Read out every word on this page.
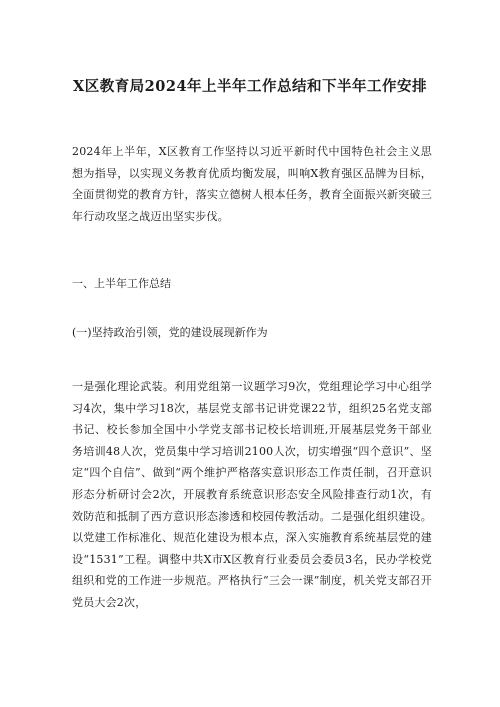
X区教育局2024年上半年工作总结和下半年工作安排
2024年上半年，X区教育工作坚持以习近平新时代中国特色社会主义思想为指导，以实现义务教育优质均衡发展，叫响X教育强区品牌为目标，全面贯彻党的教育方针，落实立德树人根本任务，教育全面振兴新突破三年行动攻坚之战迈出坚实步伐。
一、上半年工作总结
(一)坚持政治引领，党的建设展现新作为
一是强化理论武装。利用党组第一议题学习9次，党组理论学习中心组学习4次，集中学习18次，基层党支部书记讲党课22节，组织25名党支部书记、校长参加全国中小学党支部书记校长培训班,开展基层党务干部业务培训48人次，党员集中学习培训2100人次，切实增强“四个意识”、坚定“四个自信”、做到“两个维护严格落实意识形态工作责任制，召开意识形态分析研讨会2次，开展教育系统意识形态安全风险排查行动1次，有效防范和抵制了西方意识形态渗透和校园传教活动。二是强化组织建设。以党建工作标准化、规范化建设为根本点，深入实施教育系统基层党的建设“1531”工程。调整中共X市X区教育行业委员会委员3名，民办学校党组织和党的工作进一步规范。严格执行“三会一课”制度，机关党支部召开党员大会2次，
